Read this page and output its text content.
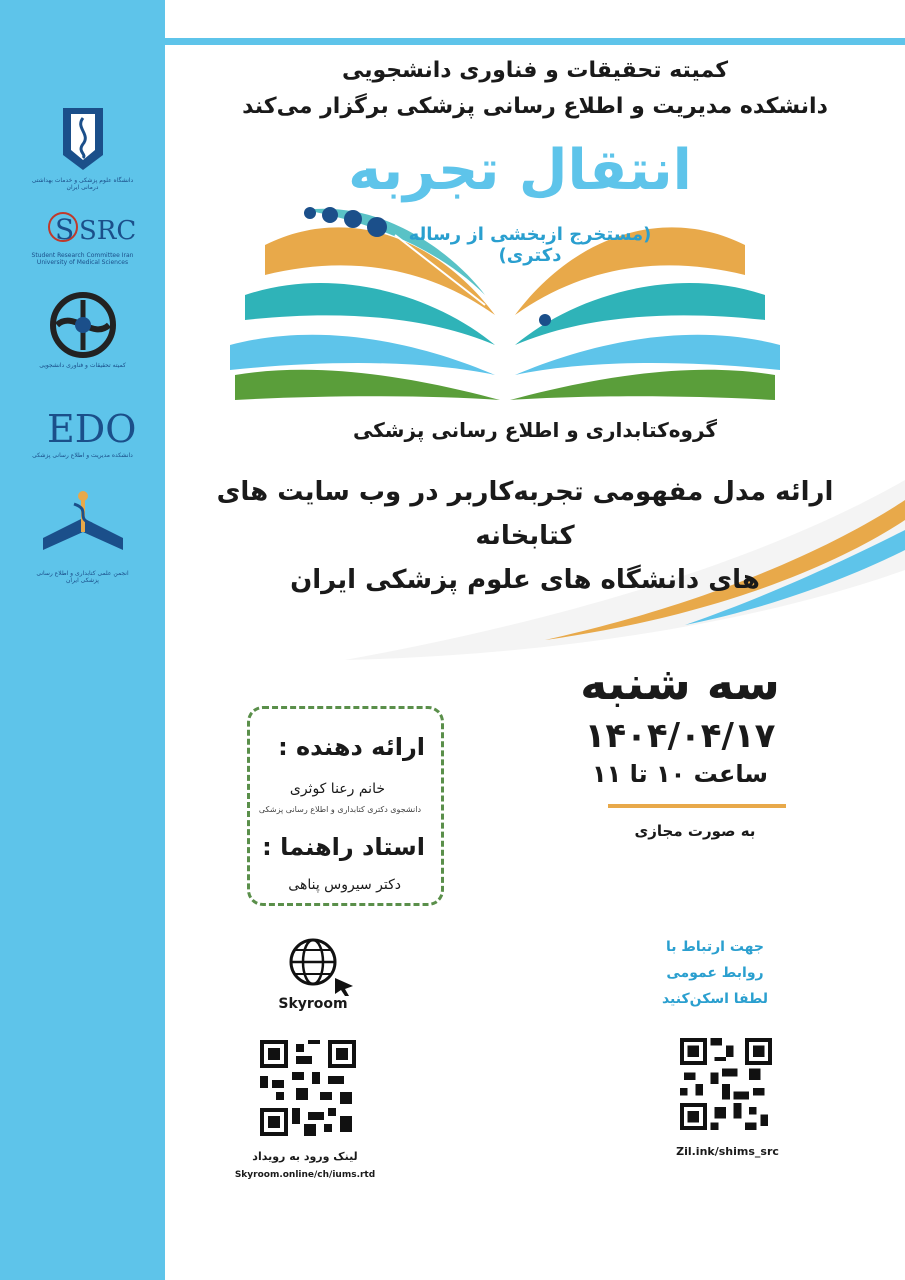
دانشگاه علوم پزشکی و خدمات بهداشتی درمانی ایران
S SRC
Student Research Committee Iran University of Medical Sciences
کمیته تحقیقات و فناوری دانشجویی
EDO
دانشکده مدیریت و اطلاع رسانی پزشکی
انجمن علمی کتابداری و اطلاع رسانی پزشکی ایران
کمیته تحقیقات و فناوری دانشجویی
دانشکده مدیریت و اطلاع رسانی پزشکی برگزار می‌کند
انتقال تجربه
(مستخرج ازبخشی از رساله دکتری)
گروه‌کتابداری و اطلاع رسانی پزشکی
ارائه مدل مفهومی تجربه‌کاربر در وب سایت های کتابخانه
های دانشگاه های علوم پزشکی ایران
سه شنبه
۱۴۰۴/۰۴/۱۷
ساعت ۱۰ تا ۱۱
به صورت مجازی
ارائه دهنده :
خانم رعنا کوثری
دانشجوی دکتری کتابداری و اطلاع رسانی پزشکی
استاد راهنما :
دکتر سیروس پناهی
Skyroom
لینک ورود به رویداد
Skyroom.online/ch/iums.rtd
جهت ارتباط با
روابط عمومی
لطفا اسکن‌کنید
Zil.ink/shims_src
